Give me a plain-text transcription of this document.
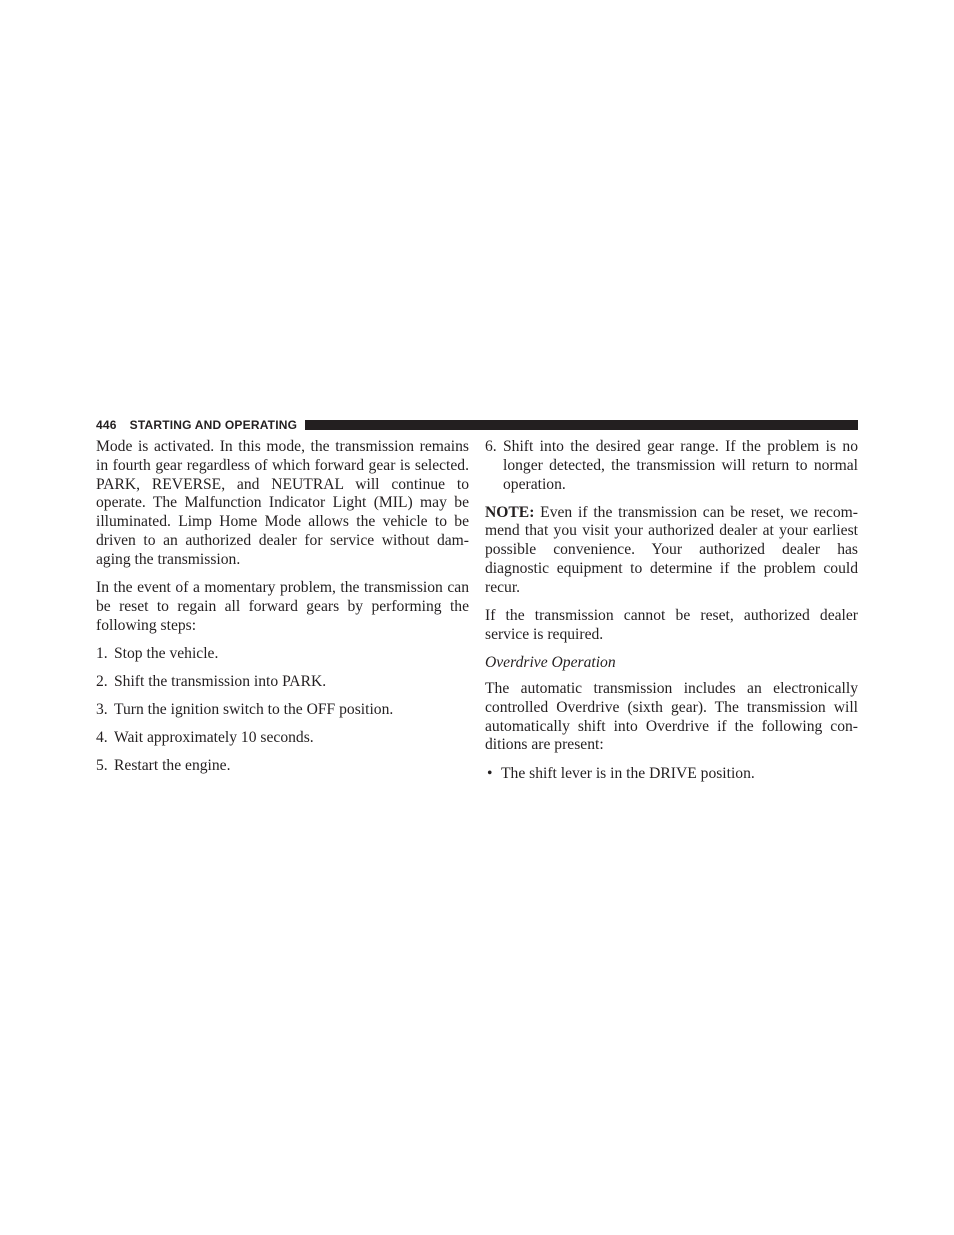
446 STARTING AND OPERATING

Mode is activated. In this mode, the transmission remains in fourth gear regardless of which forward gear is selected. PARK, REVERSE, and NEUTRAL will continue to operate. The Malfunction Indicator Light (MIL) may be illuminated. Limp Home Mode allows the vehicle to be driven to an authorized dealer for service without dam-aging the transmission.

In the event of a momentary problem, the transmission can be reset to regain all forward gears by performing the following steps:

1. Stop the vehicle.
2. Shift the transmission into PARK.
3. Turn the ignition switch to the OFF position.
4. Wait approximately 10 seconds.
5. Restart the engine.
6. Shift into the desired gear range. If the problem is no longer detected, the transmission will return to normal operation.

NOTE: Even if the transmission can be reset, we recom-mend that you visit your authorized dealer at your earliest possible convenience. Your authorized dealer has diagnostic equipment to determine if the problem could recur.

If the transmission cannot be reset, authorized dealer service is required.

Overdrive Operation

The automatic transmission includes an electronically controlled Overdrive (sixth gear). The transmission will automatically shift into Overdrive if the following con-ditions are present:

• The shift lever is in the DRIVE position.
